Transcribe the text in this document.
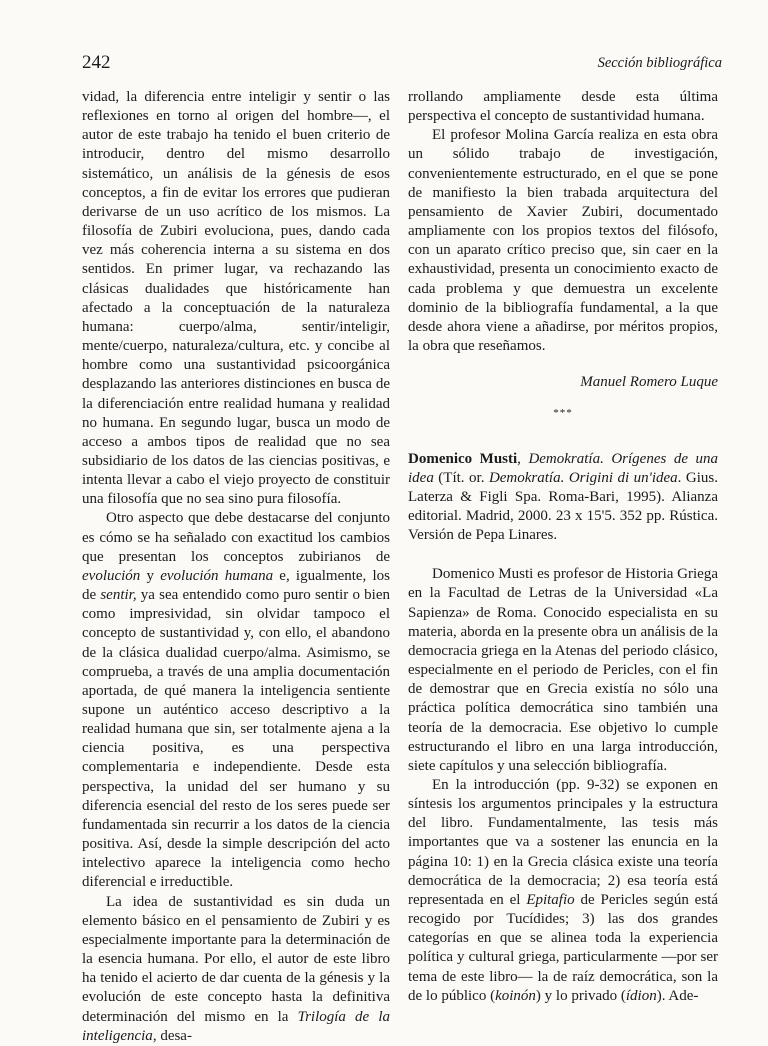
242	Sección bibliográfica

vidad, la diferencia entre inteligir y sentir o las reflexiones en torno al origen del hombre—, el autor de este trabajo ha tenido el buen criterio de introducir, dentro del mismo desarrollo sistemático, un análisis de la génesis de esos conceptos, a fin de evitar los errores que pudieran derivarse de un uso acrítico de los mismos. La filosofía de Zubiri evoluciona, pues, dando cada vez más coherencia interna a su sistema en dos sentidos. En primer lugar, va rechazando las clásicas dualidades que históricamente han afectado a la conceptuación de la naturaleza humana: cuerpo/alma, sentir/inteligir, mente/cuerpo, naturaleza/cultura, etc. y concibe al hombre como una sustantividad psicoorgánica desplazando las anteriores distinciones en busca de la diferenciación entre realidad humana y realidad no humana. En segundo lugar, busca un modo de acceso a ambos tipos de realidad que no sea subsidiario de los datos de las ciencias positivas, e intenta llevar a cabo el viejo proyecto de constituir una filosofía que no sea sino pura filosofía.

Otro aspecto que debe destacarse del conjunto es cómo se ha señalado con exactitud los cambios que presentan los conceptos zubirianos de evolución y evolución humana e, igualmente, los de sentir, ya sea entendido como puro sentir o bien como impresividad, sin olvidar tampoco el concepto de sustantividad y, con ello, el abandono de la clásica dualidad cuerpo/alma. Asimismo, se comprueba, a través de una amplia documentación aportada, de qué manera la inteligencia sentiente supone un auténtico acceso descriptivo a la realidad humana que sin, ser totalmente ajena a la ciencia positiva, es una perspectiva complementaria e independiente. Desde esta perspectiva, la unidad del ser humano y su diferencia esencial del resto de los seres puede ser fundamentada sin recurrir a los datos de la ciencia positiva. Así, desde la simple descripción del acto intelectivo aparece la inteligencia como hecho diferencial e irreductible.

La idea de sustantividad es sin duda un elemento básico en el pensamiento de Zubiri y es especialmente importante para la determinación de la esencia humana. Por ello, el autor de este libro ha tenido el acierto de dar cuenta de la génesis y la evolución de este concepto hasta la definitiva determinación del mismo en la Trilogía de la inteligencia, desa-

rrollando ampliamente desde esta última perspectiva el concepto de sustantividad humana.

El profesor Molina García realiza en esta obra un sólido trabajo de investigación, convenientemente estructurado, en el que se pone de manifiesto la bien trabada arquitectura del pensamiento de Xavier Zubiri, documentado ampliamente con los propios textos del filósofo, con un aparato crítico preciso que, sin caer en la exhaustividad, presenta un conocimiento exacto de cada problema y que demuestra un excelente dominio de la bibliografía fundamental, a la que desde ahora viene a añadirse, por méritos propios, la obra que reseñamos.

Manuel Romero Luque
***

Domenico Musti, Demokratía. Orígenes de una idea (Tít. or. Demokratía. Origini di un'idea. Gius. Laterza & Figli Spa. Roma-Bari, 1995). Alianza editorial. Madrid, 2000. 23 x 15'5. 352 pp. Rústica. Versión de Pepa Linares.

Domenico Musti es profesor de Historia Griega en la Facultad de Letras de la Universidad «La Sapienza» de Roma. Conocido especialista en su materia, aborda en la presente obra un análisis de la democracia griega en la Atenas del periodo clásico, especialmente en el periodo de Pericles, con el fin de demostrar que en Grecia existía no sólo una práctica política democrática sino también una teoría de la democracia. Ese objetivo lo cumple estructurando el libro en una larga introducción, siete capítulos y una selección bibliografía.

En la introducción (pp. 9-32) se exponen en síntesis los argumentos principales y la estructura del libro. Fundamentalmente, las tesis más importantes que va a sostener las enuncia en la página 10: 1) en la Grecia clásica existe una teoría democrática de la democracia; 2) esa teoría está representada en el Epitafio de Pericles según está recogido por Tucídides; 3) las dos grandes categorías en que se alinea toda la experiencia política y cultural griega, particularmente —por ser tema de este libro— la de raíz democrática, son la de lo público (koinón) y lo privado (ídion). Ade-
